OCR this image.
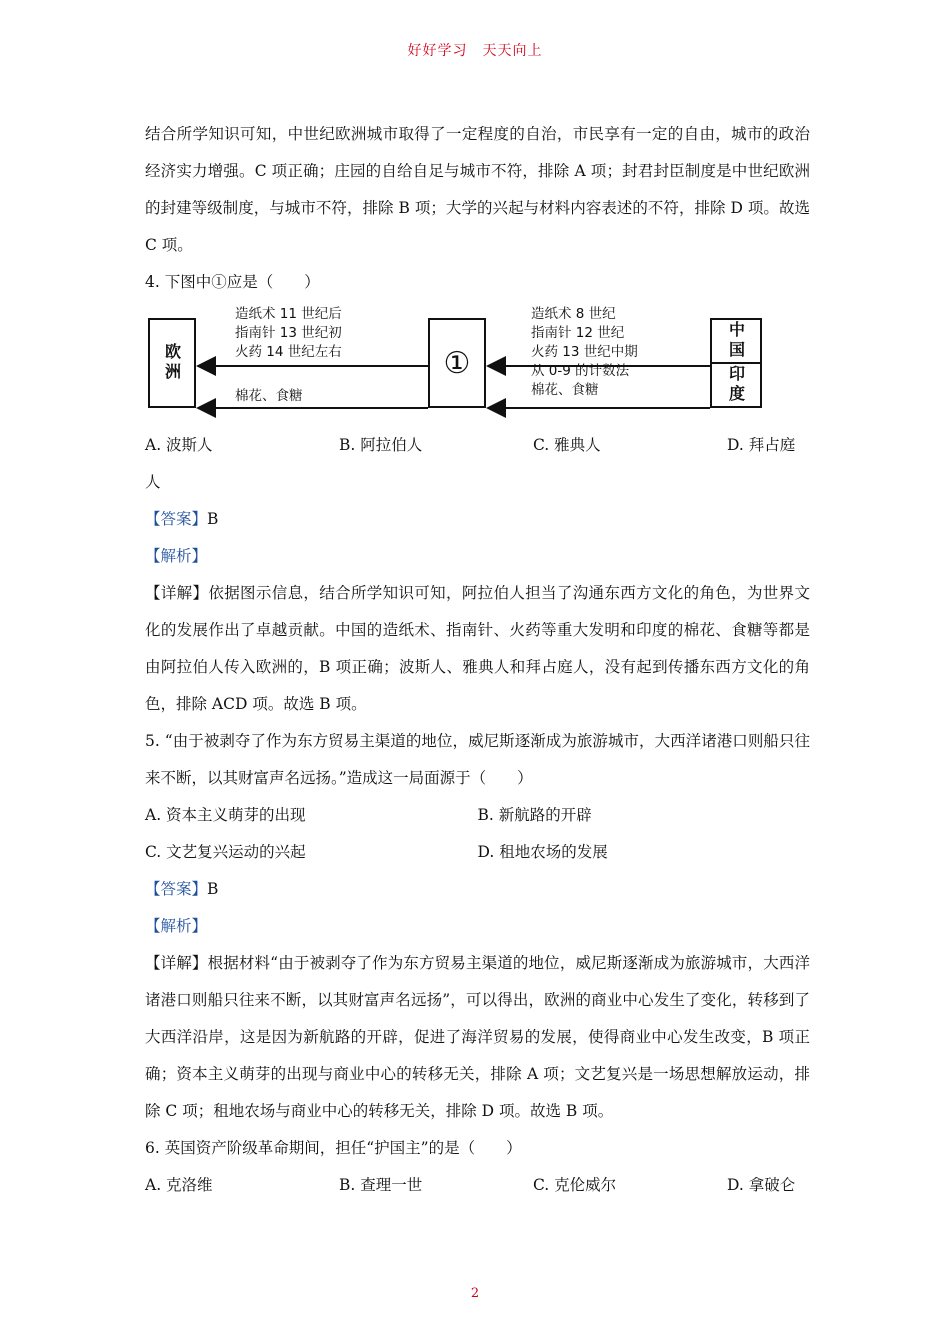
好好学习　天天向上

结合所学知识可知，中世纪欧洲城市取得了一定程度的自治，市民享有一定的自由，城市的政治经济实力增强。C 项正确；庄园的自给自足与城市不符，排除 A 项；封君封臣制度是中世纪欧洲的封建等级制度，与城市不符，排除 B 项；大学的兴起与材料内容表述的不符，排除 D 项。故选 C 项。

4. 下图中①应是（　　）

欧洲	①
中国
印度
造纸术 11 世纪后
指南针 13 世纪初
火药 14 世纪左右
棉花、食糖
造纸术 8 世纪
指南针 12 世纪
火药 13 世纪中期
从 0-9 的计数法
棉花、食糖
A. 波斯人	B. 阿拉伯人	C. 雅典人	D. 拜占庭

人

【答案】B

【解析】

【详解】依据图示信息，结合所学知识可知，阿拉伯人担当了沟通东西方文化的角色，为世界文化的发展作出了卓越贡献。中国的造纸术、指南针、火药等重大发明和印度的棉花、食糖等都是由阿拉伯人传入欧洲的，B 项正确；波斯人、雅典人和拜占庭人，没有起到传播东西方文化的角色，排除 ACD 项。故选 B 项。

5. “由于被剥夺了作为东方贸易主渠道的地位，威尼斯逐渐成为旅游城市，大西洋诸港口则船只往来不断，以其财富声名远扬。”造成这一局面源于（　　）

A. 资本主义萌芽的出现	B. 新航路的开辟
C. 文艺复兴运动的兴起	D. 租地农场的发展

【答案】B

【解析】

【详解】根据材料“由于被剥夺了作为东方贸易主渠道的地位，威尼斯逐渐成为旅游城市，大西洋诸港口则船只往来不断，以其财富声名远扬”，可以得出，欧洲的商业中心发生了变化，转移到了大西洋沿岸，这是因为新航路的开辟，促进了海洋贸易的发展，使得商业中心发生改变，B 项正确；资本主义萌芽的出现与商业中心的转移无关，排除 A 项；文艺复兴是一场思想解放运动，排除 C 项；租地农场与商业中心的转移无关，排除 D 项。故选 B 项。

6. 英国资产阶级革命期间，担任“护国主”的是（　　）

A. 克洛维	B. 查理一世	C. 克伦威尔	D. 拿破仑
2
